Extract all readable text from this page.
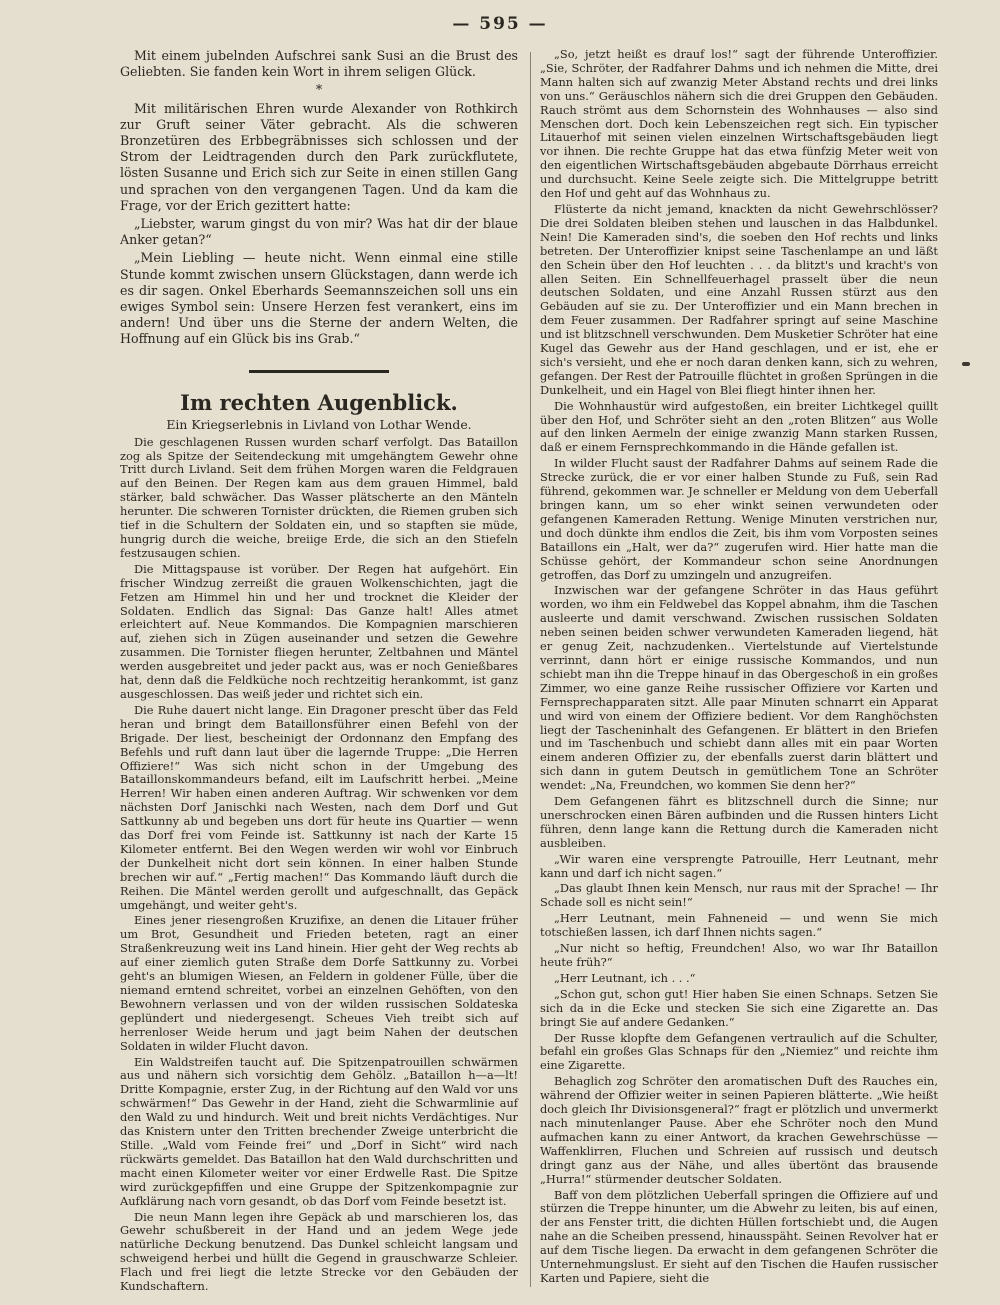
— 595 —

Mit einem jubelnden Aufschrei sank Susi an die Brust des Geliebten. Sie fanden kein Wort in ihrem seligen Glück.

*

Mit militärischen Ehren wurde Alexander von Rothkirch zur Gruft seiner Väter gebracht. Als die schweren Bronzetüren des Erbbegräbnisses sich schlossen und der Strom der Leidtragenden durch den Park zurückflutete, lösten Susanne und Erich sich zur Seite in einen stillen Gang und sprachen von den vergangenen Tagen. Und da kam die Frage, vor der Erich gezittert hatte:

„Liebster, warum gingst du von mir? Was hat dir der blaue Anker getan?“

„Mein Liebling — heute nicht. Wenn einmal eine stille Stunde kommt zwischen unsern Glückstagen, dann werde ich es dir sagen. Onkel Eberhards Seemannszeichen soll uns ein ewiges Symbol sein: Unsere Herzen fest verankert, eins im andern! Und über uns die Sterne der andern Welten, die Hoffnung auf ein Glück bis ins Grab.“

Im rechten Augenblick.
Ein Kriegserlebnis in Livland von Lothar Wende.

Die geschlagenen Russen wurden scharf verfolgt. Das Bataillon zog als Spitze der Seitendeckung mit umgehängtem Gewehr ohne Tritt durch Livland. Seit dem frühen Morgen waren die Feldgrauen auf den Beinen. Der Regen kam aus dem grauen Himmel, bald stärker, bald schwächer. Das Wasser plätscherte an den Mänteln herunter. Die schweren Tornister drückten, die Riemen gruben sich tief in die Schultern der Soldaten ein, und so stapften sie müde, hungrig durch die weiche, breiige Erde, die sich an den Stiefeln festzusaugen schien.

Die Mittagspause ist vorüber. Der Regen hat aufgehört. Ein frischer Windzug zerreißt die grauen Wolkenschichten, jagt die Fetzen am Himmel hin und her und trocknet die Kleider der Soldaten. Endlich das Signal: Das Ganze halt! Alles atmet erleichtert auf. Neue Kommandos. Die Kompagnien marschieren auf, ziehen sich in Zügen auseinander und setzen die Gewehre zusammen. Die Tornister fliegen herunter, Zeltbahnen und Mäntel werden ausgebreitet und jeder packt aus, was er noch Genießbares hat, denn daß die Feldküche noch rechtzeitig herankommt, ist ganz ausgeschlossen. Das weiß jeder und richtet sich ein.

Die Ruhe dauert nicht lange. Ein Dragoner prescht über das Feld heran und bringt dem Bataillonsführer einen Befehl von der Brigade. Der liest, bescheinigt der Ordonnanz den Empfang des Befehls und ruft dann laut über die lagernde Truppe: „Die Herren Offiziere!“ Was sich nicht schon in der Umgebung des Bataillonskommandeurs befand, eilt im Laufschritt herbei. „Meine Herren! Wir haben einen anderen Auftrag. Wir schwenken vor dem nächsten Dorf Janischki nach Westen, nach dem Dorf und Gut Sattkunny ab und begeben uns dort für heute ins Quartier — wenn das Dorf frei vom Feinde ist. Sattkunny ist nach der Karte 15 Kilometer entfernt. Bei den Wegen werden wir wohl vor Einbruch der Dunkelheit nicht dort sein können. In einer halben Stunde brechen wir auf.“ „Fertig machen!“ Das Kommando läuft durch die Reihen. Die Mäntel werden gerollt und aufgeschnallt, das Gepäck umgehängt, und weiter geht's.

Eines jener riesengroßen Kruzifixe, an denen die Litauer früher um Brot, Gesundheit und Frieden beteten, ragt an einer Straßenkreuzung weit ins Land hinein. Hier geht der Weg rechts ab auf einer ziemlich guten Straße dem Dorfe Sattkunny zu. Vorbei geht's an blumigen Wiesen, an Feldern in goldener Fülle, über die niemand erntend schreitet, vorbei an einzelnen Gehöften, von den Bewohnern verlassen und von der wilden russischen Soldateska geplündert und niedergesengt. Scheues Vieh treibt sich auf herrenloser Weide herum und jagt beim Nahen der deutschen Soldaten in wilder Flucht davon.

Ein Waldstreifen taucht auf. Die Spitzenpatrouillen schwärmen aus und nähern sich vorsichtig dem Gehölz. „Bataillon h—a—lt! Dritte Kompagnie, erster Zug, in der Richtung auf den Wald vor uns schwärmen!“ Das Gewehr in der Hand, zieht die Schwarmlinie auf den Wald zu und hindurch. Weit und breit nichts Verdächtiges. Nur das Knistern unter den Tritten brechender Zweige unterbricht die Stille. „Wald vom Feinde frei“ und „Dorf in Sicht“ wird nach rückwärts gemeldet. Das Bataillon hat den Wald durchschritten und macht einen Kilometer weiter vor einer Erdwelle Rast. Die Spitze wird zurückgepfiffen und eine Gruppe der Spitzenkompagnie zur Aufklärung nach vorn gesandt, ob das Dorf vom Feinde besetzt ist.

Die neun Mann legen ihre Gepäck ab und marschieren los, das Gewehr schußbereit in der Hand und an jedem Wege jede natürliche Deckung benutzend. Das Dunkel schleicht langsam und schweigend herbei und hüllt die Gegend in grauschwarze Schleier. Flach und frei liegt die letzte Strecke vor den Gebäuden der Kundschaftern.

„So, jetzt heißt es drauf los!“ sagt der führende Unteroffizier. „Sie, Schröter, der Radfahrer Dahms und ich nehmen die Mitte, drei Mann halten sich auf zwanzig Meter Abstand rechts und drei links von uns.“ Geräuschlos nähern sich die drei Gruppen den Gebäuden. Rauch strömt aus dem Schornstein des Wohnhauses — also sind Menschen dort. Doch kein Lebenszeichen regt sich. Ein typischer Litauerhof mit seinen vielen einzelnen Wirtschaftsgebäuden liegt vor ihnen. Die rechte Gruppe hat das etwa fünfzig Meter weit von den eigentlichen Wirtschaftsgebäuden abgebaute Dörrhaus erreicht und durchsucht. Keine Seele zeigte sich. Die Mittelgruppe betritt den Hof und geht auf das Wohnhaus zu.

Flüsterte da nicht jemand, knackten da nicht Gewehrschlösser? Die drei Soldaten bleiben stehen und lauschen in das Halbdunkel. Nein! Die Kameraden sind's, die soeben den Hof rechts und links betreten. Der Unteroffizier knipst seine Taschenlampe an und läßt den Schein über den Hof leuchten . . . da blitzt's und kracht's von allen Seiten. Ein Schnellfeuerhagel prasselt über die neun deutschen Soldaten, und eine Anzahl Russen stürzt aus den Gebäuden auf sie zu. Der Unteroffizier und ein Mann brechen in dem Feuer zusammen. Der Radfahrer springt auf seine Maschine und ist blitzschnell verschwunden. Dem Musketier Schröter hat eine Kugel das Gewehr aus der Hand geschlagen, und er ist, ehe er sich's versieht, und ehe er noch daran denken kann, sich zu wehren, gefangen. Der Rest der Patrouille flüchtet in großen Sprüngen in die Dunkelheit, und ein Hagel von Blei fliegt hinter ihnen her.

Die Wohnhaustür wird aufgestoßen, ein breiter Lichtkegel quillt über den Hof, und Schröter sieht an den „roten Blitzen“ aus Wolle auf den linken Aermeln der einige zwanzig Mann starken Russen, daß er einem Fernsprechkommando in die Hände gefallen ist.

In wilder Flucht saust der Radfahrer Dahms auf seinem Rade die Strecke zurück, die er vor einer halben Stunde zu Fuß, sein Rad führend, gekommen war. Je schneller er Meldung von dem Ueberfall bringen kann, um so eher winkt seinen verwundeten oder gefangenen Kameraden Rettung. Wenige Minuten verstrichen nur, und doch dünkte ihm endlos die Zeit, bis ihm vom Vorposten seines Bataillons ein „Halt, wer da?“ zugerufen wird. Hier hatte man die Schüsse gehört, der Kommandeur schon seine Anordnungen getroffen, das Dorf zu umzingeln und anzugreifen.

Inzwischen war der gefangene Schröter in das Haus geführt worden, wo ihm ein Feldwebel das Koppel abnahm, ihm die Taschen ausleerte und damit verschwand. Zwischen russischen Soldaten neben seinen beiden schwer verwundeten Kameraden liegend, hät er genug Zeit, nachzudenken.. Viertelstunde auf Viertelstunde verrinnt, dann hört er einige russische Kommandos, und nun schiebt man ihn die Treppe hinauf in das Obergeschoß in ein großes Zimmer, wo eine ganze Reihe russischer Offiziere vor Karten und Fernsprechapparaten sitzt. Alle paar Minuten schnarrt ein Apparat und wird von einem der Offiziere bedient. Vor dem Ranghöchsten liegt der Tascheninhalt des Gefangenen. Er blättert in den Briefen und im Taschenbuch und schiebt dann alles mit ein paar Worten einem anderen Offizier zu, der ebenfalls zuerst darin blättert und sich dann in gutem Deutsch in gemütlichem Tone an Schröter wendet: „Na, Freundchen, wo kommen Sie denn her?“

Dem Gefangenen fährt es blitzschnell durch die Sinne; nur unerschrocken einen Bären aufbinden und die Russen hinters Licht führen, denn lange kann die Rettung durch die Kameraden nicht ausbleiben.

„Wir waren eine versprengte Patrouille, Herr Leutnant, mehr kann und darf ich nicht sagen.“

„Das glaubt Ihnen kein Mensch, nur raus mit der Sprache! — Ihr Schade soll es nicht sein!“

„Herr Leutnant, mein Fahneneid — und wenn Sie mich totschießen lassen, ich darf Ihnen nichts sagen.“

„Nur nicht so heftig, Freundchen! Also, wo war Ihr Bataillon heute früh?“

„Herr Leutnant, ich . . .“

„Schon gut, schon gut! Hier haben Sie einen Schnaps. Setzen Sie sich da in die Ecke und stecken Sie sich eine Zigarette an. Das bringt Sie auf andere Gedanken.“

Der Russe klopfte dem Gefangenen vertraulich auf die Schulter, befahl ein großes Glas Schnaps für den „Niemiez“ und reichte ihm eine Zigarette.

Behaglich zog Schröter den aromatischen Duft des Rauches ein, während der Offizier weiter in seinen Papieren blätterte. „Wie heißt doch gleich Ihr Divisionsgeneral?“ fragt er plötzlich und unvermerkt nach minutenlanger Pause. Aber ehe Schröter noch den Mund aufmachen kann zu einer Antwort, da krachen Gewehrschüsse — Waffenklirren, Fluchen und Schreien auf russisch und deutsch dringt ganz aus der Nähe, und alles übertönt das brausende „Hurra!“ stürmender deutscher Soldaten.

Baff von dem plötzlichen Ueberfall springen die Offiziere auf und stürzen die Treppe hinunter, um die Abwehr zu leiten, bis auf einen, der ans Fenster tritt, die dichten Hüllen fortschiebt und, die Augen nahe an die Scheiben pressend, hinausspäht. Seinen Revolver hat er auf dem Tische liegen. Da erwacht in dem gefangenen Schröter die Unternehmungslust. Er sieht auf den Tischen die Haufen russischer Karten und Papiere, sieht die
